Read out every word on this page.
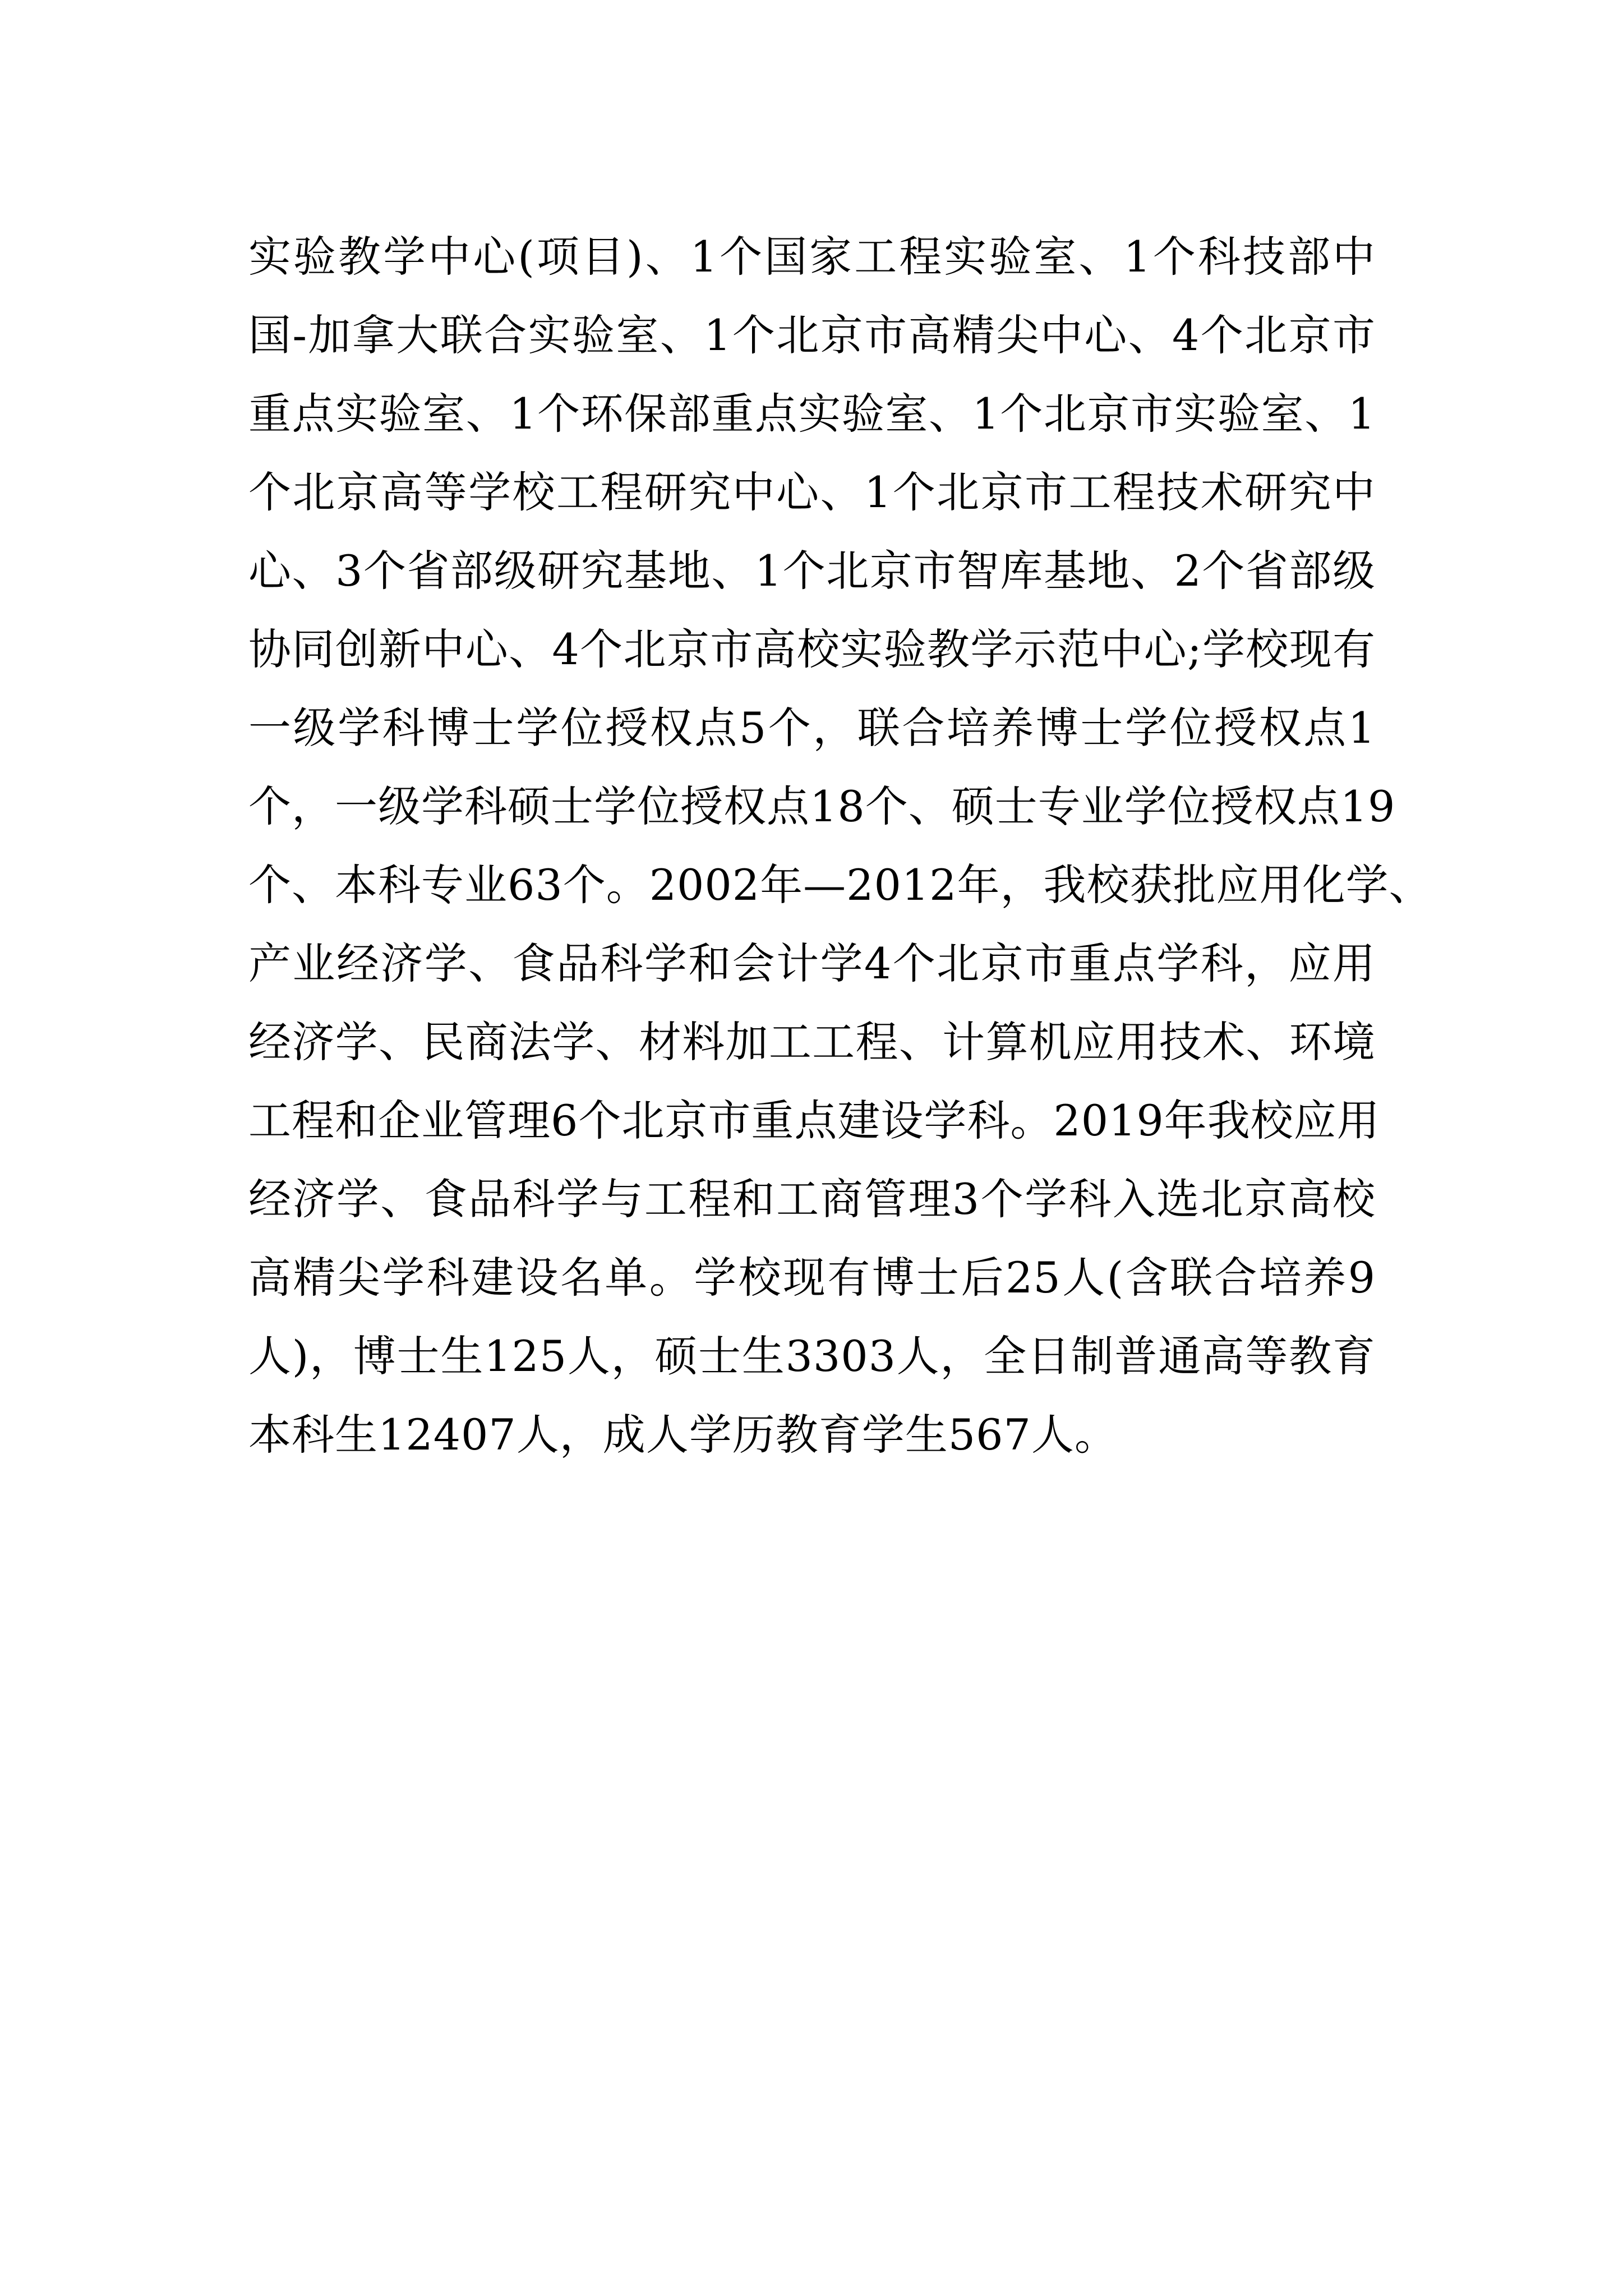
实验教学中心(项目)、1个国家工程实验室、1个科技部中
国-加拿大联合实验室、1个北京市高精尖中心、4个北京市
重点实验室、1个环保部重点实验室、1个北京市实验室、1
个北京高等学校工程研究中心、1个北京市工程技术研究中
心、3个省部级研究基地、1个北京市智库基地、2个省部级
协同创新中心、4个北京市高校实验教学示范中心;学校现有
一级学科博士学位授权点5个，联合培养博士学位授权点1
个，一级学科硕士学位授权点18个、硕士专业学位授权点19
个、本科专业63个。2002年—2012年，我校获批应用化学、
产业经济学、食品科学和会计学4个北京市重点学科，应用
经济学、民商法学、材料加工工程、计算机应用技术、环境
工程和企业管理6个北京市重点建设学科。2019年我校应用
经济学、食品科学与工程和工商管理3个学科入选北京高校
高精尖学科建设名单。学校现有博士后25人(含联合培养9
人)，博士生125人，硕士生3303人，全日制普通高等教育
本科生12407人，成人学历教育学生567人。
